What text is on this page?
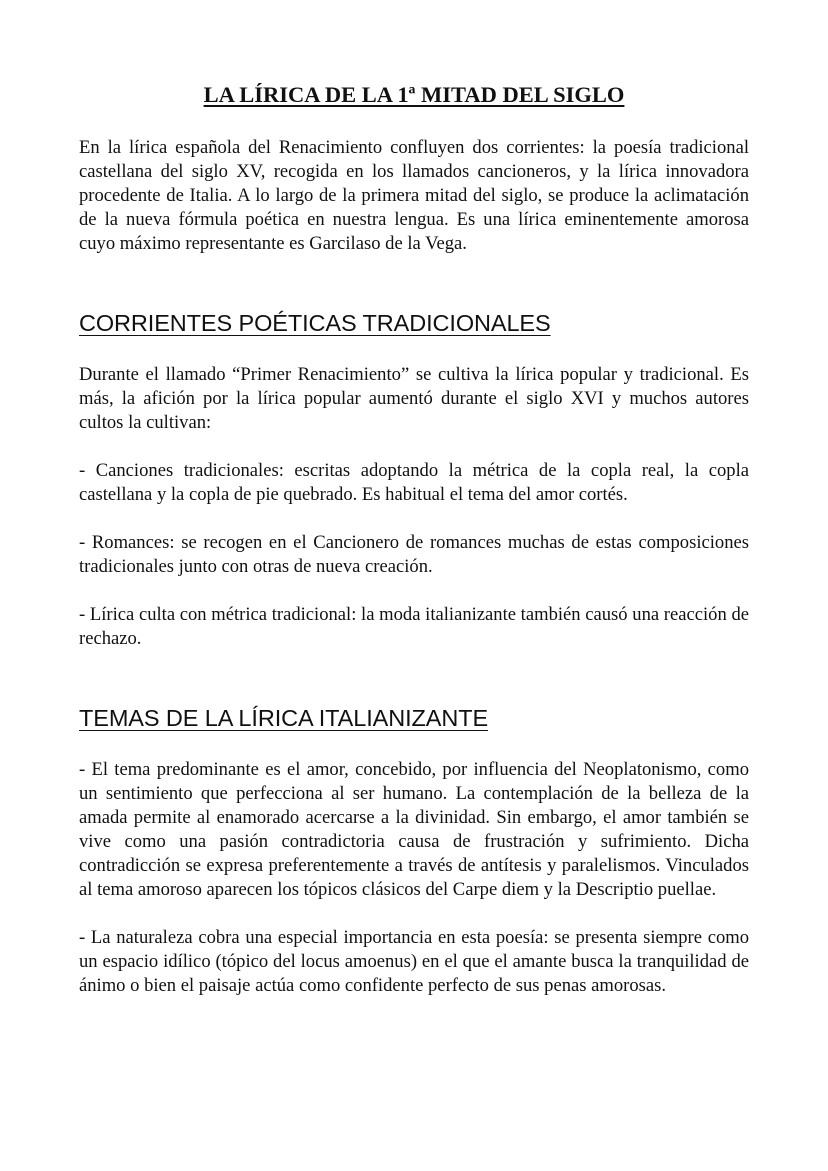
LA LÍRICA DE LA 1ª MITAD DEL SIGLO

En la lírica española del Renacimiento confluyen dos corrientes: la poesía tradicional castellana del siglo XV, recogida en los llamados cancioneros, y la lírica innovadora procedente de Italia. A lo largo de la primera mitad del siglo, se produce la aclimatación de la nueva fórmula poética en nuestra lengua. Es una lírica eminentemente amorosa cuyo máximo representante es Garcilaso de la Vega.

CORRIENTES POÉTICAS TRADICIONALES

Durante el llamado “Primer Renacimiento” se cultiva la lírica popular y tradicional. Es más, la afición por la lírica popular aumentó durante el siglo XVI y muchos autores cultos la cultivan:

- Canciones tradicionales: escritas adoptando la métrica de la copla real, la copla castellana y la copla de pie quebrado. Es habitual el tema del amor cortés.

- Romances: se recogen en el Cancionero de romances muchas de estas composiciones tradicionales junto con otras de nueva creación.

- Lírica culta con métrica tradicional: la moda italianizante también causó una reacción de rechazo.

TEMAS DE LA LÍRICA ITALIANIZANTE

- El tema predominante es el amor, concebido, por influencia del Neoplatonismo, como un sentimiento que perfecciona al ser humano. La contemplación de la belleza de la amada permite al enamorado acercarse a la divinidad. Sin embargo, el amor también se vive como una pasión contradictoria causa de frustración y sufrimiento. Dicha contradicción se expresa preferentemente a través de antítesis y paralelismos. Vinculados al tema amoroso aparecen los tópicos clásicos del Carpe diem y la Descriptio puellae.

- La naturaleza cobra una especial importancia en esta poesía: se presenta siempre como un espacio idílico (tópico del locus amoenus) en el que el amante busca la tranquilidad de ánimo o bien el paisaje actúa como confidente perfecto de sus penas amorosas.
